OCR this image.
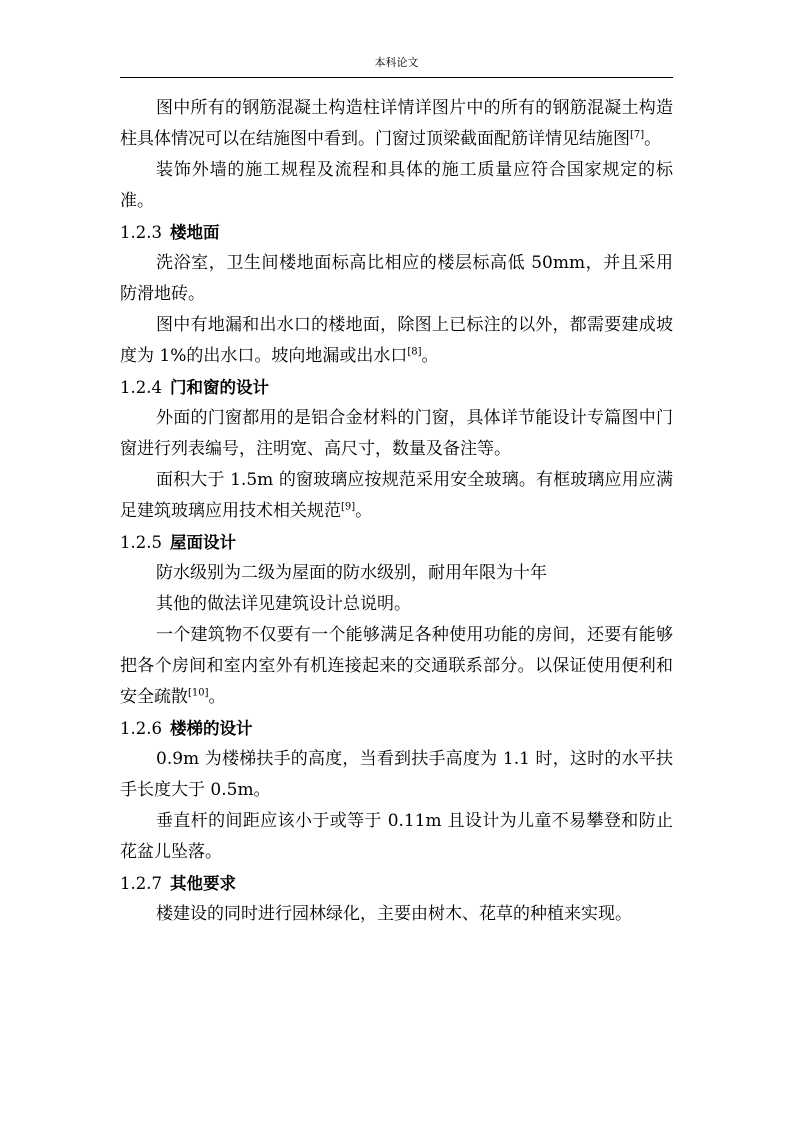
本科论文

图中所有的钢筋混凝土构造柱详情详图片中的所有的钢筋混凝土构造柱具体情况可以在结施图中看到。门窗过顶梁截面配筋详情见结施图[7]。

装饰外墙的施工规程及流程和具体的施工质量应符合国家规定的标准。

1.2.3 楼地面

洗浴室，卫生间楼地面标高比相应的楼层标高低 50mm，并且采用防滑地砖。

图中有地漏和出水口的楼地面，除图上已标注的以外，都需要建成坡度为 1%的出水口。坡向地漏或出水口[8]。

1.2.4 门和窗的设计

外面的门窗都用的是铝合金材料的门窗，具体详节能设计专篇图中门窗进行列表编号，注明宽、高尺寸，数量及备注等。

面积大于 1.5m 的窗玻璃应按规范采用安全玻璃。有框玻璃应用应满足建筑玻璃应用技术相关规范[9]。

1.2.5 屋面设计

防水级别为二级为屋面的防水级别，耐用年限为十年

其他的做法详见建筑设计总说明。

一个建筑物不仅要有一个能够满足各种使用功能的房间，还要有能够把各个房间和室内室外有机连接起来的交通联系部分。以保证使用便利和安全疏散[10]。

1.2.6 楼梯的设计

0.9m 为楼梯扶手的高度，当看到扶手高度为 1.1 时，这时的水平扶手长度大于 0.5m。

垂直杆的间距应该小于或等于 0.11m 且设计为儿童不易攀登和防止花盆儿坠落。

1.2.7 其他要求

楼建设的同时进行园林绿化，主要由树木、花草的种植来实现。
